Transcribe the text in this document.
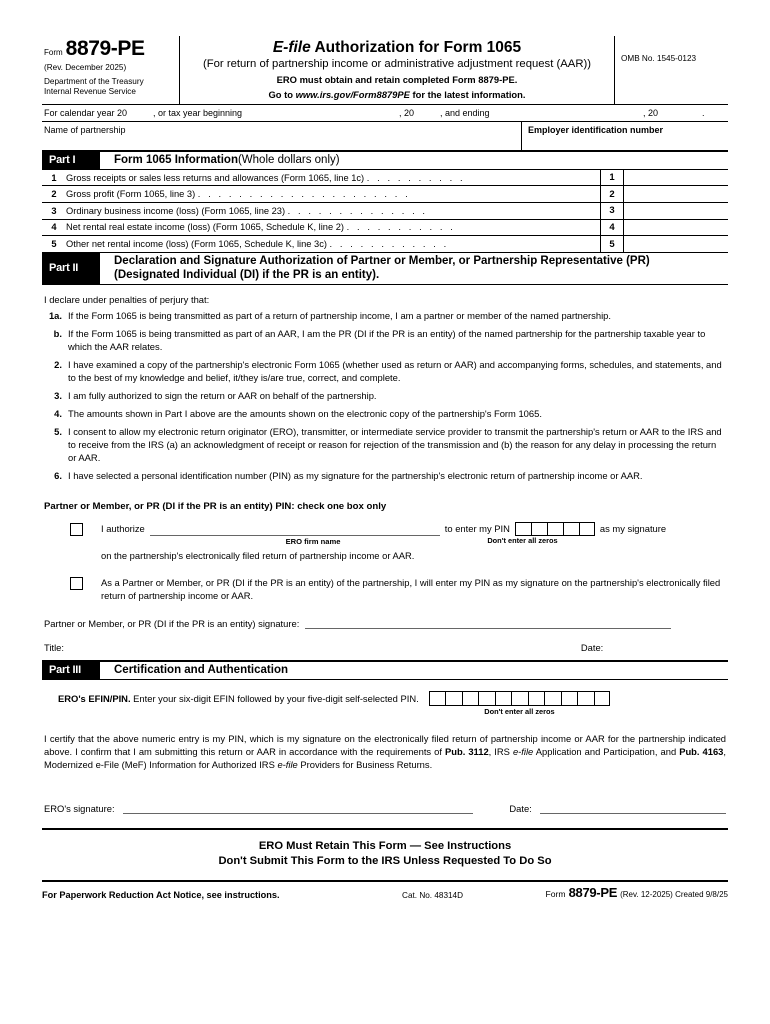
Form 8879-PE
(Rev. December 2025)
Department of the Treasury
Internal Revenue Service
E-file Authorization for Form 1065
(For return of partnership income or administrative adjustment request (AAR))
ERO must obtain and retain completed Form 8879-PE.
Go to www.irs.gov/Form8879PE for the latest information.
OMB No. 1545-0123
For calendar year 20	, or tax year beginning	, 20	, and ending	, 20	.
Name of partnership	Employer identification number
Part I	Form 1065 Information (Whole dollars only)
1	Gross receipts or sales less returns and allowances (Form 1065, line 1c) . . . . . . . . . .	1
2	Gross profit (Form 1065, line 3) . . . . . . . . . . . . . . . . . . . . .	2
3	Ordinary business income (loss) (Form 1065, line 23) . . . . . . . . . . . . . .	3
4	Net rental real estate income (loss) (Form 1065, Schedule K, line 2) . . . . . . . . . . .	4
5	Other net rental income (loss) (Form 1065, Schedule K, line 3c) . . . . . . . . . . . .	5
Part II
Declaration and Signature Authorization of Partner or Member, or Partnership Representative (PR)
(Designated Individual (DI) if the PR is an entity).
I declare under penalties of perjury that:
1a. If the Form 1065 is being transmitted as part of a return of partnership income, I am a partner or member of the named partnership.
b. If the Form 1065 is being transmitted as part of an AAR, I am the PR (DI if the PR is an entity) of the named partnership for the partnership taxable year to which the AAR relates.
2. I have examined a copy of the partnership's electronic Form 1065 (whether used as return or AAR) and accompanying forms, schedules, and statements, and to the best of my knowledge and belief, it/they is/are true, correct, and complete.
3. I am fully authorized to sign the return or AAR on behalf of the partnership.
4. The amounts shown in Part I above are the amounts shown on the electronic copy of the partnership's Form 1065.
5. I consent to allow my electronic return originator (ERO), transmitter, or intermediate service provider to transmit the partnership's return or AAR to the IRS and to receive from the IRS (a) an acknowledgment of receipt or reason for rejection of the transmission and (b) the reason for any delay in processing the return or AAR.
6. I have selected a personal identification number (PIN) as my signature for the partnership's electronic return of partnership income or AAR.
Partner or Member, or PR (DI if the PR is an entity) PIN: check one box only
I authorize	to enter my PIN	as my signature
ERO firm name	Don't enter all zeros
on the partnership's electronically filed return of partnership income or AAR.
As a Partner or Member, or PR (DI if the PR is an entity) of the partnership, I will enter my PIN as my signature on the partnership's electronically filed return of partnership income or AAR.
Partner or Member, or PR (DI if the PR is an entity) signature:
Title:	Date:
Part III	Certification and Authentication
ERO's EFIN/PIN. Enter your six-digit EFIN followed by your five-digit self-selected PIN.
Don't enter all zeros
I certify that the above numeric entry is my PIN, which is my signature on the electronically filed return of partnership income or AAR for the partnership indicated above. I confirm that I am submitting this return or AAR in accordance with the requirements of Pub. 3112, IRS e-file Application and Participation, and Pub. 4163, Modernized e-File (MeF) Information for Authorized IRS e-file Providers for Business Returns.
ERO's signature:	Date:
ERO Must Retain This Form — See Instructions
Don't Submit This Form to the IRS Unless Requested To Do So
For Paperwork Reduction Act Notice, see instructions.	Cat. No. 48314D	Form 8879-PE (Rev. 12-2025) Created 9/8/25
